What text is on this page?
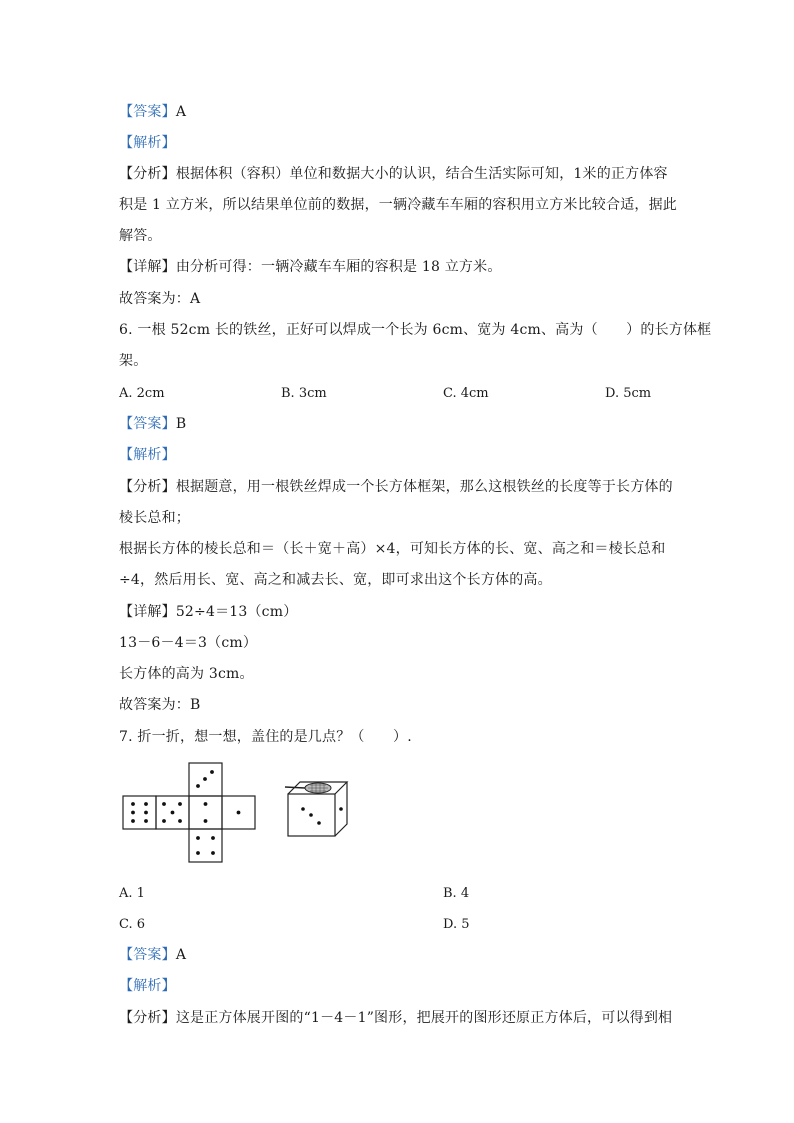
【答案】A
【解析】
【分析】根据体积（容积）单位和数据大小的认识，结合生活实际可知，1米的正方体容
积是 1 立方米，所以结果单位前的数据，一辆冷藏车车厢的容积用立方米比较合适，据此
解答。
【详解】由分析可得：一辆冷藏车车厢的容积是 18 立方米。
故答案为：A
6. 一根 52cm 长的铁丝，正好可以焊成一个长为 6cm、宽为 4cm、高为（　　）的长方体框
架。
A. 2cm	B. 3cm	C. 4cm	D. 5cm
【答案】B
【解析】
【分析】根据题意，用一根铁丝焊成一个长方体框架，那么这根铁丝的长度等于长方体的
棱长总和；
根据长方体的棱长总和＝（长＋宽＋高）×4，可知长方体的长、宽、高之和＝棱长总和
÷4，然后用长、宽、高之和减去长、宽，即可求出这个长方体的高。
【详解】52÷4＝13（cm）
13－6－4＝3（cm）
长方体的高为 3cm。
故答案为：B
7. 折一折，想一想，盖住的是几点？（　　）.
A. 1	B. 4
C. 6	D. 5
【答案】A
【解析】
【分析】这是正方体展开图的“1－4－1”图形，把展开的图形还原正方体后，可以得到相
